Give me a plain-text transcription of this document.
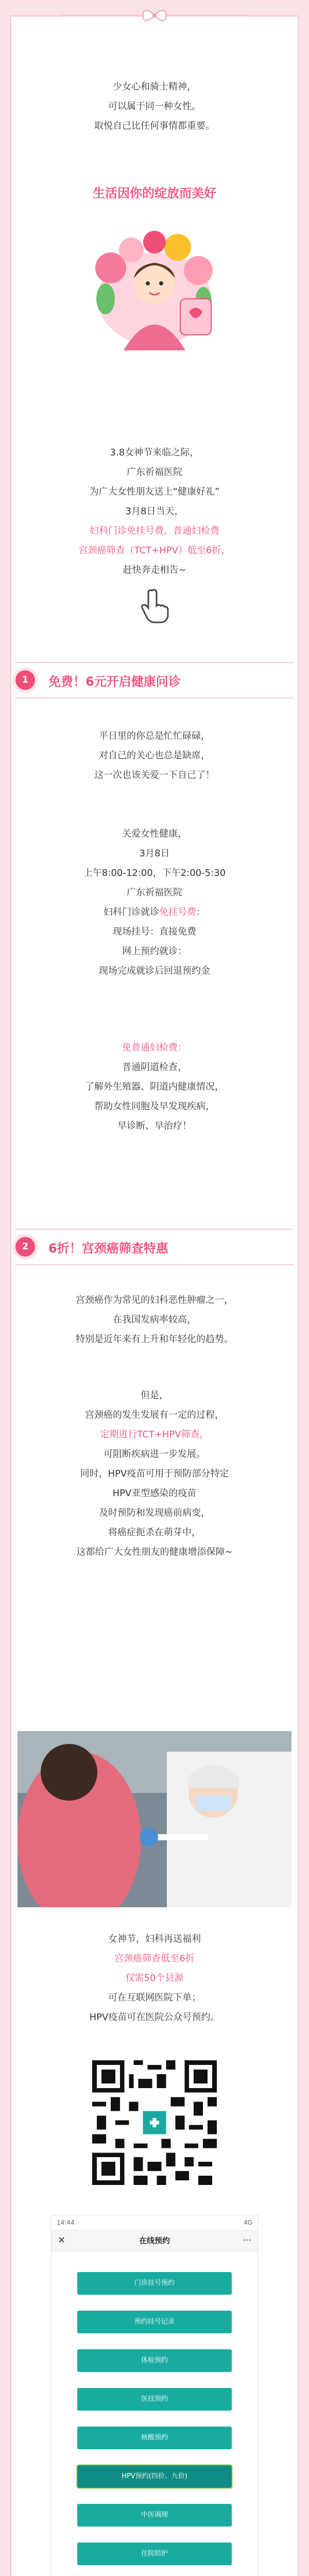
少女心和骑士精神，
可以属于同一种女性。
取悦自己比任何事情都重要。
生活因你的绽放而美好
3.8女神节来临之际，
广东祈福医院
为广大女性朋友送上“健康好礼”
3月8日当天，
妇科门诊免挂号费，普通妇检费
宫颈癌筛查（TCT+HPV）低至6折，
赶快奔走相告~
1	免费！6元开启健康问诊
平日里的你总是忙忙碌碌，
对自己的关心也总是缺席，
这一次也该关爱一下自己了！
关爱女性健康，
3月8日
上午8:00-12:00，下午2:00-5:30
广东祈福医院
妇科门诊就诊免挂号费：
现场挂号：直接免费
网上预约就诊：
现场完成就诊后回退预约金
免普通妇检费：
普通阴道检查，
了解外生殖器、阴道内健康情况，
帮助女性同胞及早发现疾病，
早诊断、早治疗！
2	6折！宫颈癌筛查特惠
宫颈癌作为常见的妇科恶性肿瘤之一，
在我国发病率较高，
特别是近年来有上升和年轻化的趋势。
但是，
宫颈癌的发生发展有一定的过程，
定期进行TCT+HPV筛查，
可阻断疾病进一步发展。
同时，HPV疫苗可用于预防部分特定
HPV亚型感染的疫苗
及时预防和发现癌前病变，
将癌症扼杀在萌芽中，
这都给广大女性朋友的健康增添保障~
女神节，妇科再送福利
宫颈癌筛查低至6折
仅需50个县源
可在互联网医院下单；
HPV疫苗可在医院公众号预约。
14:44	4G
✕	在线预约	···
门诊挂号预约
预约挂号记录
体检预约
医技预约
核酸预约
HPV预约(四价、九价)
中医调理
住院陪护
